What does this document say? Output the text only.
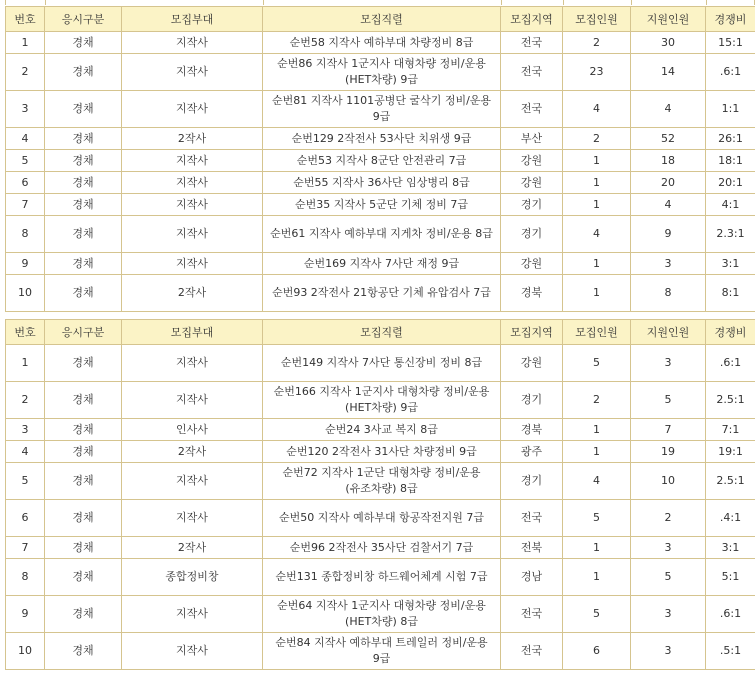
번호	응시구분	모집부대	모집직렬	모집지역	모집인원	지원인원	경쟁비
1	경채	지작사	순번58 지작사 예하부대 차량정비 8급	전국	2	30	15:1
2	경채	지작사	순번86 지작사 1군지사 대형차량 정비/운용(HET차량) 9급	전국	23	14	.6:1
3	경채	지작사	순번81 지작사 1101공병단 굴삭기 정비/운용 9급	전국	4	4	1:1
4	경채	2작사	순번129 2작전사 53사단 치위생 9급	부산	2	52	26:1
5	경채	지작사	순번53 지작사 8군단 안전관리 7급	강원	1	18	18:1
6	경채	지작사	순번55 지작사 36사단 임상병리 8급	강원	1	20	20:1
7	경채	지작사	순번35 지작사 5군단 기체 정비 7급	경기	1	4	4:1
8	경채	지작사	순번61 지작사 예하부대 지게차 정비/운용 8급	경기	4	9	2.3:1
9	경채	지작사	순번169 지작사 7사단 재정 9급	강원	1	3	3:1
10	경채	2작사	순번93 2작전사 21항공단 기체 유압검사 7급	경북	1	8	8:1
번호	응시구분	모집부대	모집직렬	모집지역	모집인원	지원인원	경쟁비
1	경채	지작사	순번149 지작사 7사단 통신장비 정비 8급	강원	5	3	.6:1
2	경채	지작사	순번166 지작사 1군지사 대형차량 정비/운용(HET차량) 9급	경기	2	5	2.5:1
3	경채	인사사	순번24 3사교 복지 8급	경북	1	7	7:1
4	경채	2작사	순번120 2작전사 31사단 차량정비 9급	광주	1	19	19:1
5	경채	지작사	순번72 지작사 1군단 대형차량 정비/운용(유조차량) 8급	경기	4	10	2.5:1
6	경채	지작사	순번50 지작사 예하부대 항공작전지원 7급	전국	5	2	.4:1
7	경채	2작사	순번96 2작전사 35사단 검찰서기 7급	전북	1	3	3:1
8	경채	종합정비창	순번131 종합정비창 하드웨어체계 시험 7급	경남	1	5	5:1
9	경채	지작사	순번64 지작사 1군지사 대형차량 정비/운용(HET차량) 8급	전국	5	3	.6:1
10	경채	지작사	순번84 지작사 예하부대 트레일러 정비/운용 9급	전국	6	3	.5:1
